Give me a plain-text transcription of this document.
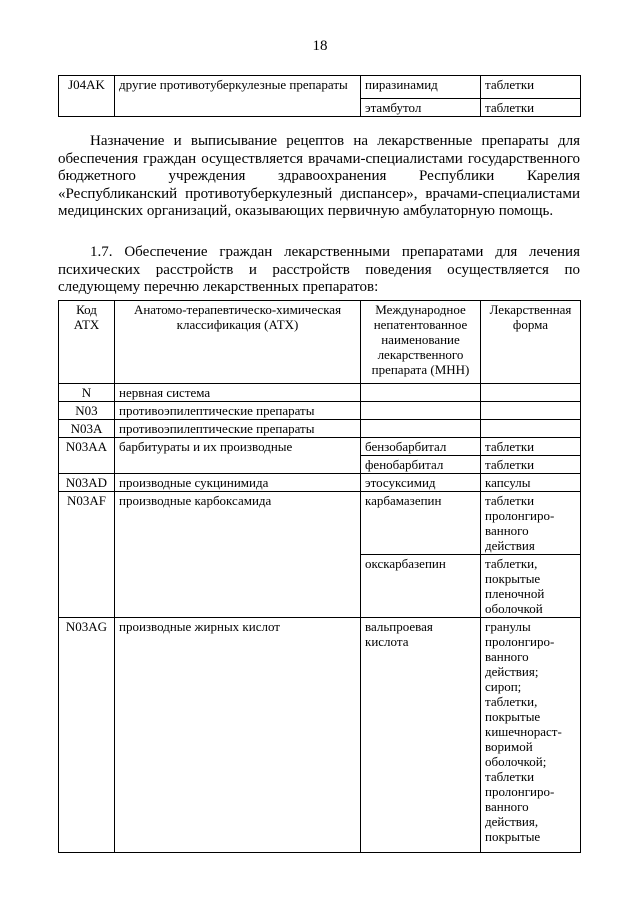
18
J04AK	другие противотуберкулезные препараты	пиразинамид	таблетки
		этамбутол	таблетки
Назначение и выписывание рецептов на лекарственные препараты для обеспечения граждан осуществляется врачами-специалистами государственного бюджетного учреждения здравоохранения Республики Карелия «Республиканский противотуберкулезный диспансер», врачами-специалистами медицинских организаций, оказывающих первичную амбулаторную помощь.
1.7. Обеспечение граждан лекарственными препаратами для лечения психических расстройств и расстройств поведения осуществляется по следующему перечню лекарственных препаратов:
Код АТХ	Анатомо-терапевтическо-химическая классификация (АТХ)	Международное непатентованное наименование лекарственного препарата (МНН)	Лекарственная форма
N	нервная система		
N03	противоэпилептические препараты		
N03A	противоэпилептические препараты		
N03AA	барбитураты и их производные	бензобарбитал	таблетки
		фенобарбитал	таблетки
N03AD	производные сукцинимида	этосуксимид	капсулы
N03AF	производные карбоксамида	карбамазепин	таблетки пролонгиро-ванного действия
		окскарбазепин	таблетки, покрытые пленочной оболочкой
N03AG	производные жирных кислот	вальпроевая кислота	гранулы пролонгиро-ванного действия; сироп; таблетки, покрытые кишечнораст-воримой оболочкой; таблетки пролонгиро-ванного действия, покрытые
